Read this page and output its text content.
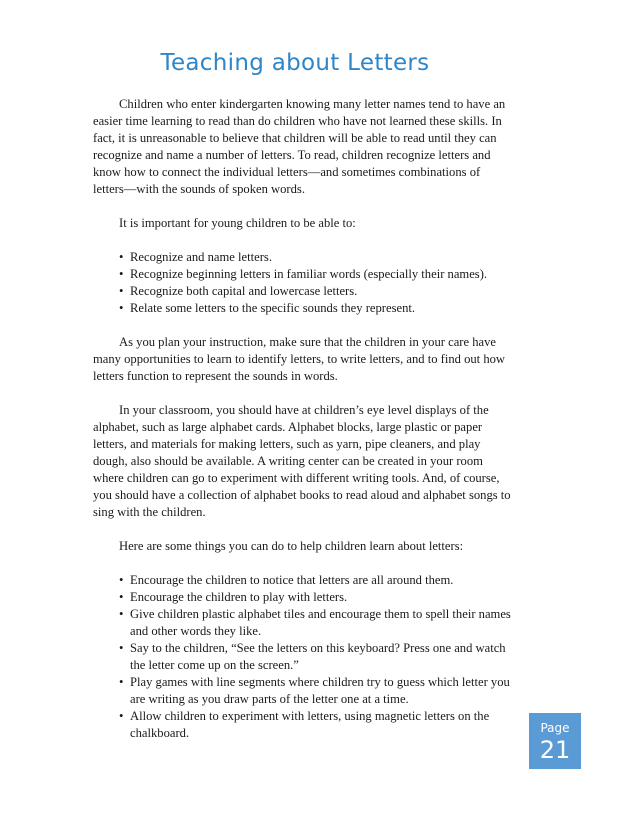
Teaching about Letters

Children who enter kindergarten knowing many letter names tend to have an easier time learning to read than do children who have not learned these skills. In fact, it is unreasonable to believe that children will be able to read until they can recognize and name a number of letters. To read, children recognize letters and know how to connect the individual letters—and sometimes combinations of letters—with the sounds of spoken words.

It is important for young children to be able to:

• Recognize and name letters.
• Recognize beginning letters in familiar words (especially their names).
• Recognize both capital and lowercase letters.
• Relate some letters to the specific sounds they represent.

As you plan your instruction, make sure that the children in your care have many opportunities to learn to identify letters, to write letters, and to find out how letters function to represent the sounds in words.

In your classroom, you should have at children’s eye level displays of the alphabet, such as large alphabet cards. Alphabet blocks, large plastic or paper letters, and materials for making letters, such as yarn, pipe cleaners, and play dough, also should be available. A writing center can be created in your room where children can go to experiment with different writing tools. And, of course, you should have a collection of alphabet books to read aloud and alphabet songs to sing with the children.

Here are some things you can do to help children learn about letters:

• Encourage the children to notice that letters are all around them.
• Encourage the children to play with letters.
• Give children plastic alphabet tiles and encourage them to spell their names and other words they like.
• Say to the children, “See the letters on this keyboard? Press one and watch the letter come up on the screen.”
• Play games with line segments where children try to guess which letter you are writing as you draw parts of the letter one at a time.
• Allow children to experiment with letters, using magnetic letters on the chalkboard.	Page
21
